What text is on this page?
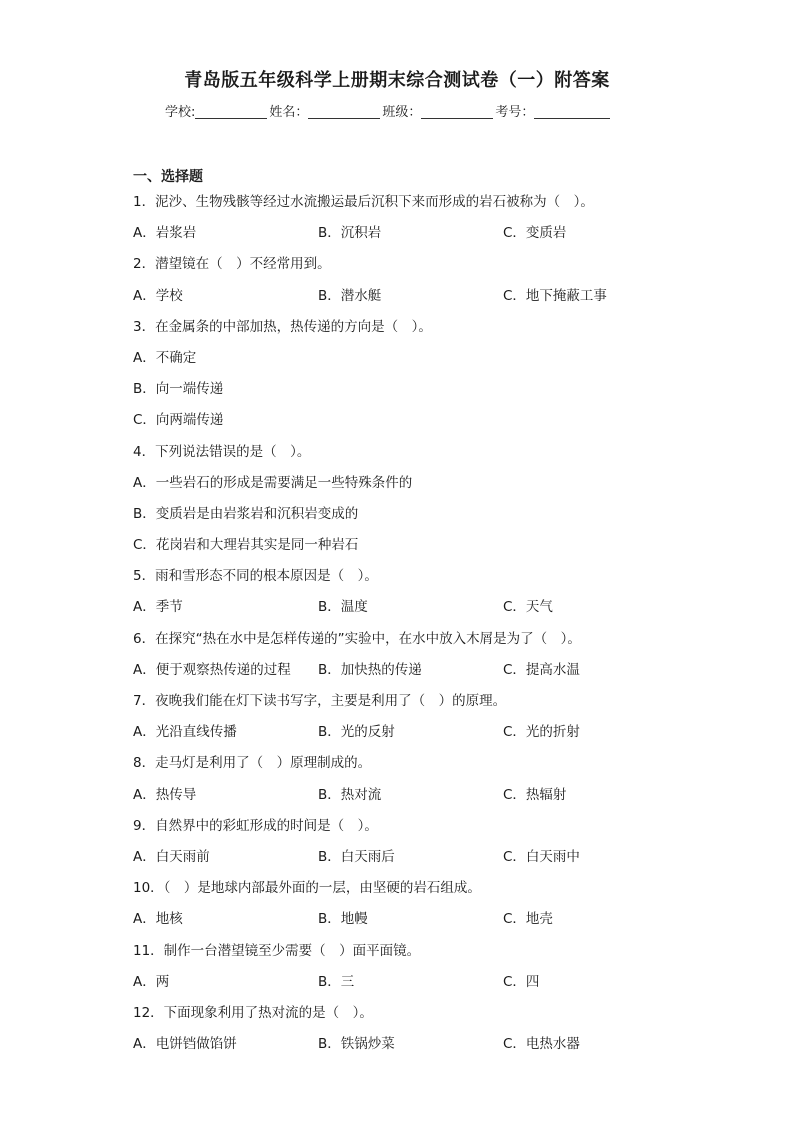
青岛版五年级科学上册期末综合测试卷（一）附答案
学校:	姓名：	班级：	考号：
一、选择题
1．泥沙、生物残骸等经过水流搬运最后沉积下来而形成的岩石被称为（　）。
A．岩浆岩	B．沉积岩	C．变质岩
2．潜望镜在（　）不经常用到。
A．学校	B．潜水艇	C．地下掩蔽工事
3．在金属条的中部加热，热传递的方向是（　）。
A．不确定
B．向一端传递
C．向两端传递
4．下列说法错误的是（　）。
A．一些岩石的形成是需要满足一些特殊条件的
B．变质岩是由岩浆岩和沉积岩变成的
C．花岗岩和大理岩其实是同一种岩石
5．雨和雪形态不同的根本原因是（　）。
A．季节	B．温度	C．天气
6．在探究“热在水中是怎样传递的”实验中，在水中放入木屑是为了（　）。
A．便于观察热传递的过程	B．加快热的传递	C．提高水温
7．夜晚我们能在灯下读书写字，主要是利用了（　）的原理。
A．光沿直线传播	B．光的反射	C．光的折射
8．走马灯是利用了（　）原理制成的。
A．热传导	B．热对流	C．热辐射
9．自然界中的彩虹形成的时间是（　）。
A．白天雨前	B．白天雨后	C．白天雨中
10．（　）是地球内部最外面的一层，由坚硬的岩石组成。
A．地核	B．地幔	C．地壳
11．制作一台潜望镜至少需要（　）面平面镜。
A．两	B．三	C．四
12．下面现象利用了热对流的是（　）。
A．电饼铛做馅饼	B．铁锅炒菜	C．电热水器
